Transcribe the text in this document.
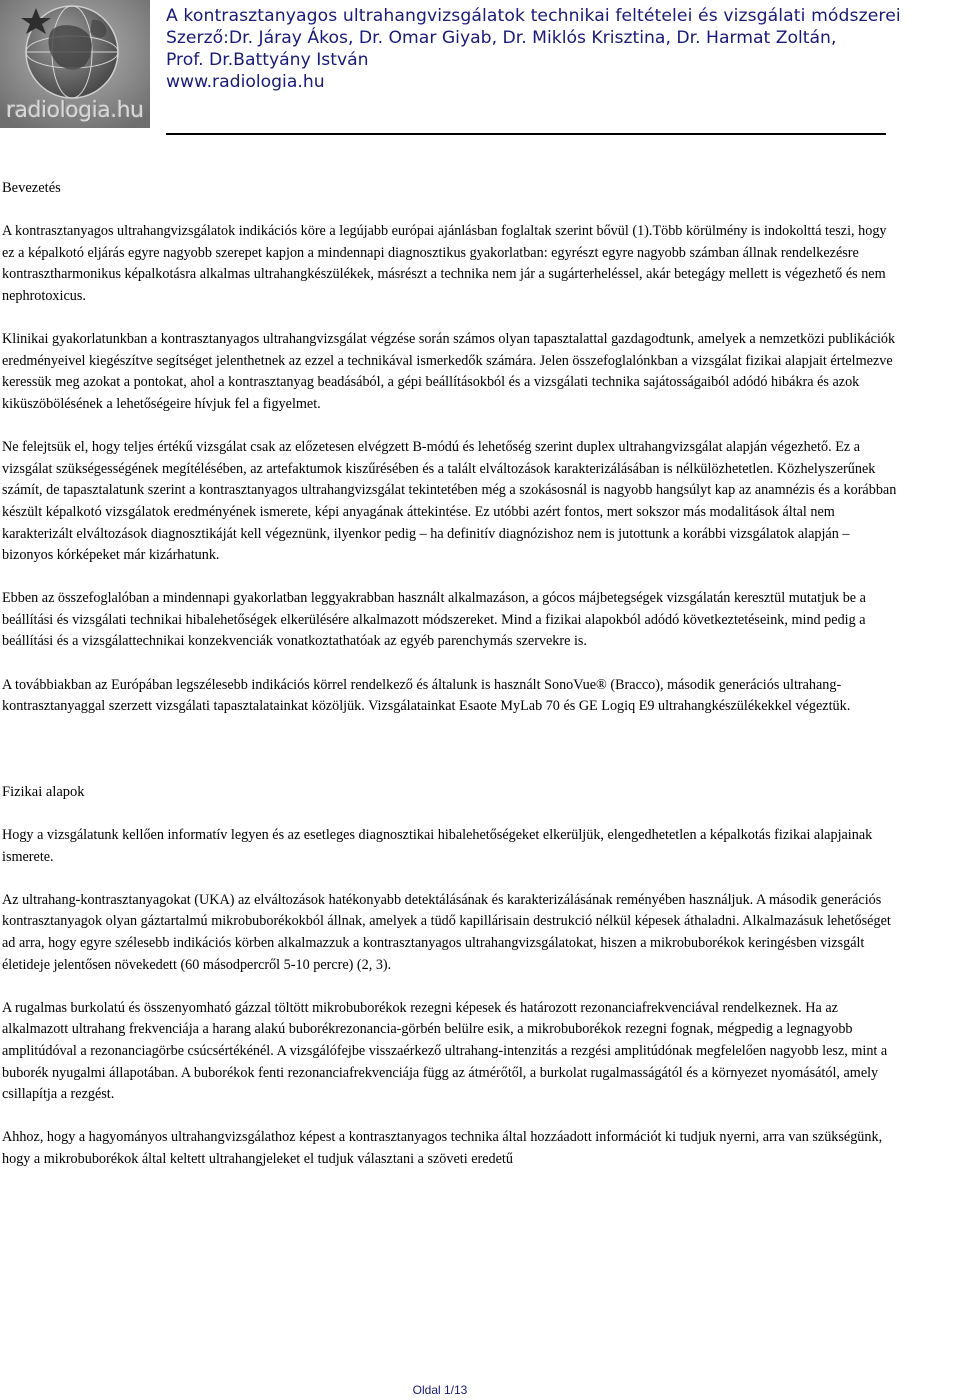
radiologia.hu
A kontrasztanyagos ultrahangvizsgálatok technikai feltételei és vizsgálati módszerei
Szerző:Dr. Járay Ákos, Dr. Omar Giyab, Dr. Miklós Krisztina, Dr. Harmat Zoltán,
Prof. Dr.Battyány István
www.radiologia.hu
Bevezetés

A kontrasztanyagos ultrahangvizsgálatok indikációs köre a legújabb európai ajánlásban foglaltak szerint bővül (1).Több körülmény is indokolttá teszi, hogy ez a képalkotó eljárás egyre nagyobb szerepet kapjon a mindennapi diagnosztikus gyakorlatban: egyrészt egyre nagyobb számban állnak rendelkezésre kontrasztharmonikus képalkotásra alkalmas ultrahangkészülékek, másrészt a technika nem jár a sugárterheléssel, akár betegágy mellett is végezhető és nem nephrotoxicus.

Klinikai gyakorlatunkban a kontrasztanyagos ultrahangvizsgálat végzése során számos olyan tapasztalattal gazdagodtunk, amelyek a nemzetközi publikációk eredményeivel kiegészítve segítséget jelenthetnek az ezzel a technikával ismerkedők számára. Jelen összefoglalónkban a vizsgálat fizikai alapjait értelmezve keressük meg azokat a pontokat, ahol a kontrasztanyag beadásából, a gépi beállításokból és a vizsgálati technika sajátosságaiból adódó hibákra és azok kiküszöbölésének a lehetőségeire hívjuk fel a figyelmet.

Ne felejtsük el, hogy teljes értékű vizsgálat csak az előzetesen elvégzett B-módú és lehetőség szerint duplex ultrahangvizsgálat alapján végezhető. Ez a vizsgálat szükségességének megítélésében, az artefaktumok kiszűrésében és a talált elváltozások karakterizálásában is nélkülözhetetlen. Közhelyszerűnek számít, de tapasztalatunk szerint a kontrasztanyagos ultrahangvizsgálat tekintetében még a szokásosnál is nagyobb hangsúlyt kap az anamnézis és a korábban készült képalkotó vizsgálatok eredményének ismerete, képi anyagának áttekintése. Ez utóbbi azért fontos, mert sokszor más modalitások által nem karakterizált elváltozások diagnosztikáját kell végeznünk, ilyenkor pedig – ha definitív diagnózishoz nem is jutottunk a korábbi vizsgálatok alapján – bizonyos kórképeket már kizárhatunk.

Ebben az összefoglalóban a mindennapi gyakorlatban leggyakrabban használt alkalmazáson, a gócos májbetegségek vizsgálatán keresztül mutatjuk be a beállítási és vizsgálati technikai hibalehetőségek elkerülésére alkalmazott módszereket. Mind a fizikai alapokból adódó következtetéseink, mind pedig a beállítási és a vizsgálattechnikai konzekvenciák vonatkoztathatóak az egyéb parenchymás szervekre is.

A továbbiakban az Európában legszélesebb indikációs körrel rendelkező és általunk is használt SonoVue® (Bracco), második generációs ultrahang-kontrasztanyaggal szerzett vizsgálati tapasztalatainkat közöljük. Vizsgálatainkat Esaote MyLab 70 és GE Logiq E9 ultrahangkészülékekkel végeztük.

Fizikai alapok

Hogy a vizsgálatunk kellően informatív legyen és az esetleges diagnosztikai hibalehetőségeket elkerüljük, elengedhetetlen a képalkotás fizikai alapjainak ismerete.

Az ultrahang-kontrasztanyagokat (UKA) az elváltozások hatékonyabb detektálásának és karakterizálásának reményében használjuk. A második generációs kontrasztanyagok olyan gáztartalmú mikrobuborékokból állnak, amelyek a tüdő kapillárisain destrukció nélkül képesek áthaladni. Alkalmazásuk lehetőséget ad arra, hogy egyre szélesebb indikációs körben alkalmazzuk a kontrasztanyagos ultrahangvizsgálatokat, hiszen a mikrobuborékok keringésben vizsgált életideje jelentősen növekedett (60 másodpercről 5-10 percre) (2, 3).

A rugalmas burkolatú és összenyomható gázzal töltött mikrobuborékok rezegni képesek és határozott rezonanciafrekvenciával rendelkeznek. Ha az alkalmazott ultrahang frekvenciája a harang alakú buborékrezonancia-görbén belülre esik, a mikrobuborékok rezegni fognak, mégpedig a legnagyobb amplitúdóval a rezonanciagörbe csúcsértékénél. A vizsgálófejbe visszaérkező ultrahang-intenzitás a rezgési amplitúdónak megfelelően nagyobb lesz, mint a buborék nyugalmi állapotában. A buborékok fenti rezonanciafrekvenciája függ az átmérőtől, a burkolat rugalmasságától és a környezet nyomásától, amely csillapítja a rezgést.

Ahhoz, hogy a hagyományos ultrahangvizsgálathoz képest a kontrasztanyagos technika által hozzáadott információt ki tudjuk nyerni, arra van szükségünk, hogy a mikrobuborékok által keltett ultrahangjeleket el tudjuk választani a szöveti eredetű

Oldal 1/13
